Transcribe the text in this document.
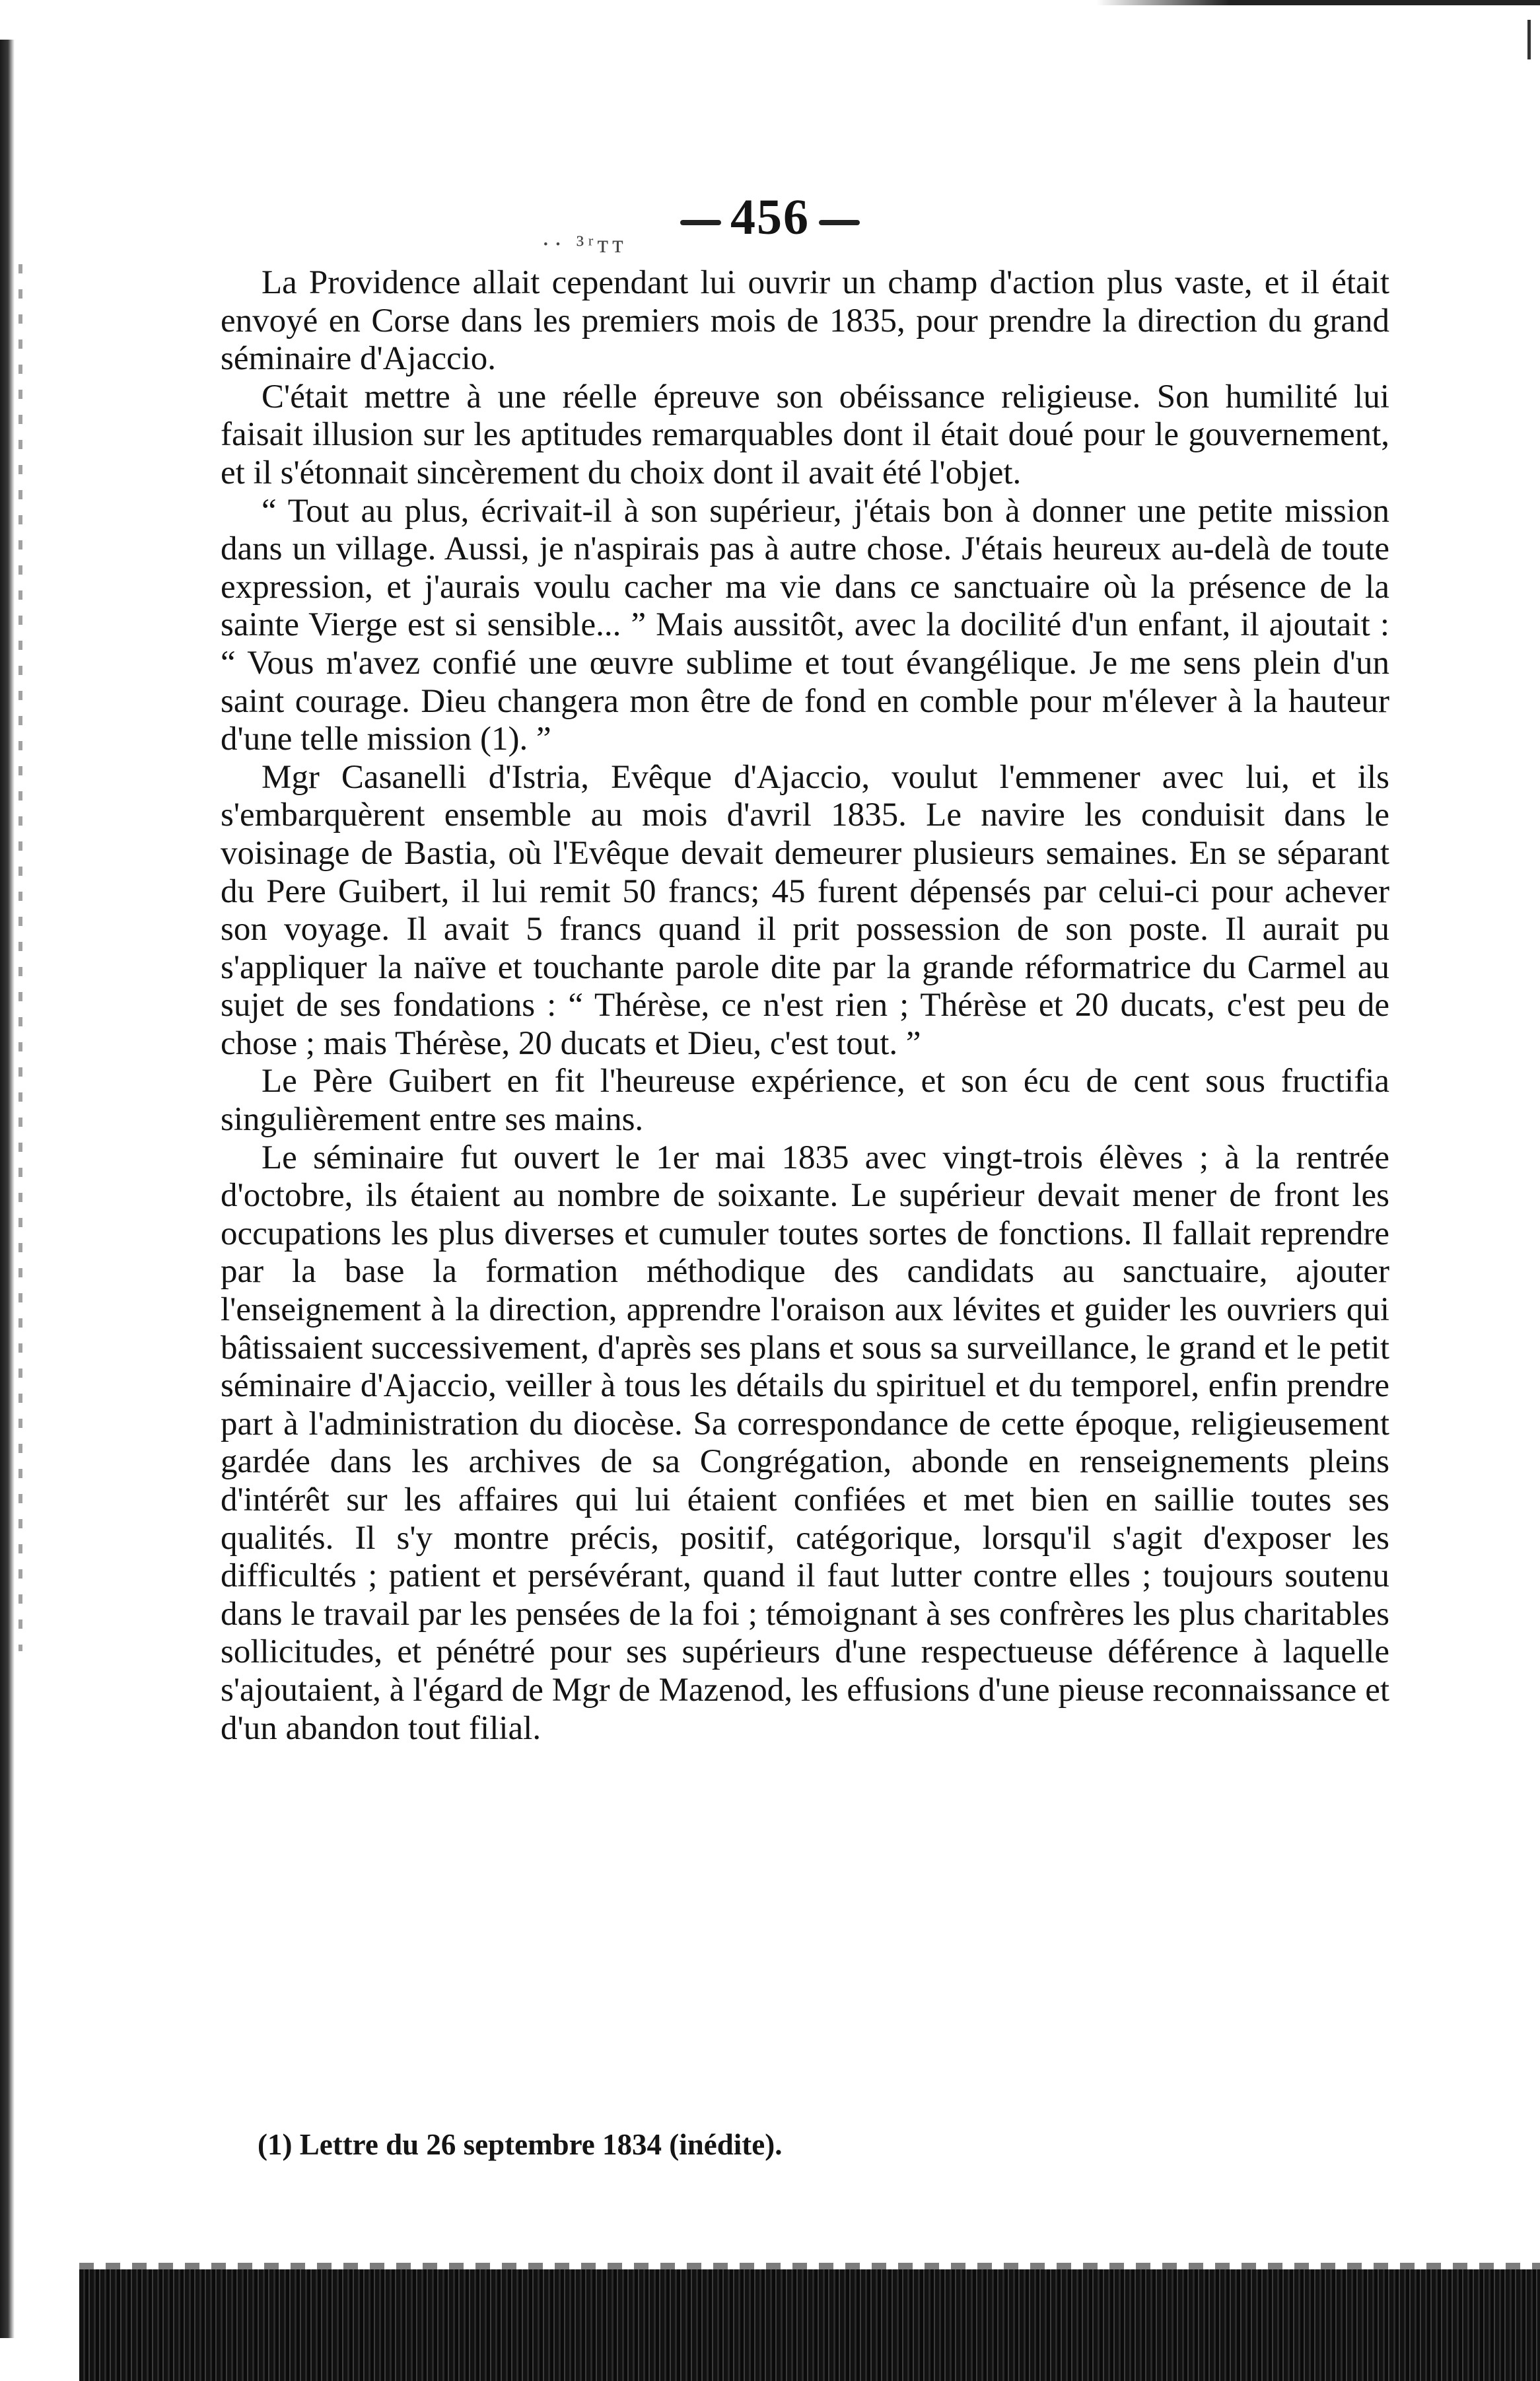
456
·· ³ʳᴛᴛ

La Providence allait cependant lui ouvrir un champ d'action plus vaste, et il était envoyé en Corse dans les premiers mois de 1835, pour prendre la direction du grand séminaire d'Ajaccio.

C'était mettre à une réelle épreuve son obéissance religieuse. Son humilité lui faisait illusion sur les aptitudes remarquables dont il était doué pour le gouvernement, et il s'étonnait sincèrement du choix dont il avait été l'objet.

“ Tout au plus, écrivait-il à son supérieur, j'étais bon à donner une petite mission dans un village. Aussi, je n'aspirais pas à autre chose. J'étais heureux au-delà de toute expression, et j'aurais voulu cacher ma vie dans ce sanctuaire où la présence de la sainte Vierge est si sensible... ” Mais aussitôt, avec la docilité d'un enfant, il ajoutait : “ Vous m'avez confié une œuvre sublime et tout évangélique. Je me sens plein d'un saint courage. Dieu changera mon être de fond en comble pour m'élever à la hauteur d'une telle mission (1). ”

Mgr Casanelli d'Istria, Evêque d'Ajaccio, voulut l'emmener avec lui, et ils s'embarquèrent ensemble au mois d'avril 1835. Le navire les conduisit dans le voisinage de Bastia, où l'Evêque devait demeurer plusieurs semaines. En se séparant du Pere Guibert, il lui remit 50 francs; 45 furent dépensés par celui-ci pour achever son voyage. Il avait 5 francs quand il prit possession de son poste. Il aurait pu s'appliquer la naïve et touchante parole dite par la grande réformatrice du Carmel au sujet de ses fondations : “ Thérèse, ce n'est rien ; Thérèse et 20 ducats, c'est peu de chose ; mais Thérèse, 20 ducats et Dieu, c'est tout. ”

Le Père Guibert en fit l'heureuse expérience, et son écu de cent sous fructifia singulièrement entre ses mains.

Le séminaire fut ouvert le 1er mai 1835 avec vingt-trois élèves ; à la rentrée d'octobre, ils étaient au nombre de soixante. Le supérieur devait mener de front les occupations les plus diverses et cumuler toutes sortes de fonctions. Il fallait reprendre par la base la formation méthodique des candidats au sanctuaire, ajouter l'enseignement à la direction, apprendre l'oraison aux lévites et guider les ouvriers qui bâtissaient successivement, d'après ses plans et sous sa surveillance, le grand et le petit séminaire d'Ajaccio, veiller à tous les détails du spirituel et du temporel, enfin prendre part à l'administration du diocèse. Sa correspondance de cette époque, religieusement gardée dans les archives de sa Congrégation, abonde en renseignements pleins d'intérêt sur les affaires qui lui étaient confiées et met bien en saillie toutes ses qualités. Il s'y montre précis, positif, catégorique, lorsqu'il s'agit d'exposer les difficultés ; patient et persévérant, quand il faut lutter contre elles ; toujours soutenu dans le travail par les pensées de la foi ; témoignant à ses confrères les plus charitables sollicitudes, et pénétré pour ses supérieurs d'une respectueuse déférence à laquelle s'ajoutaient, à l'égard de Mgr de Mazenod, les effusions d'une pieuse reconnaissance et d'un abandon tout filial.

(1) Lettre du 26 septembre 1834 (inédite).
